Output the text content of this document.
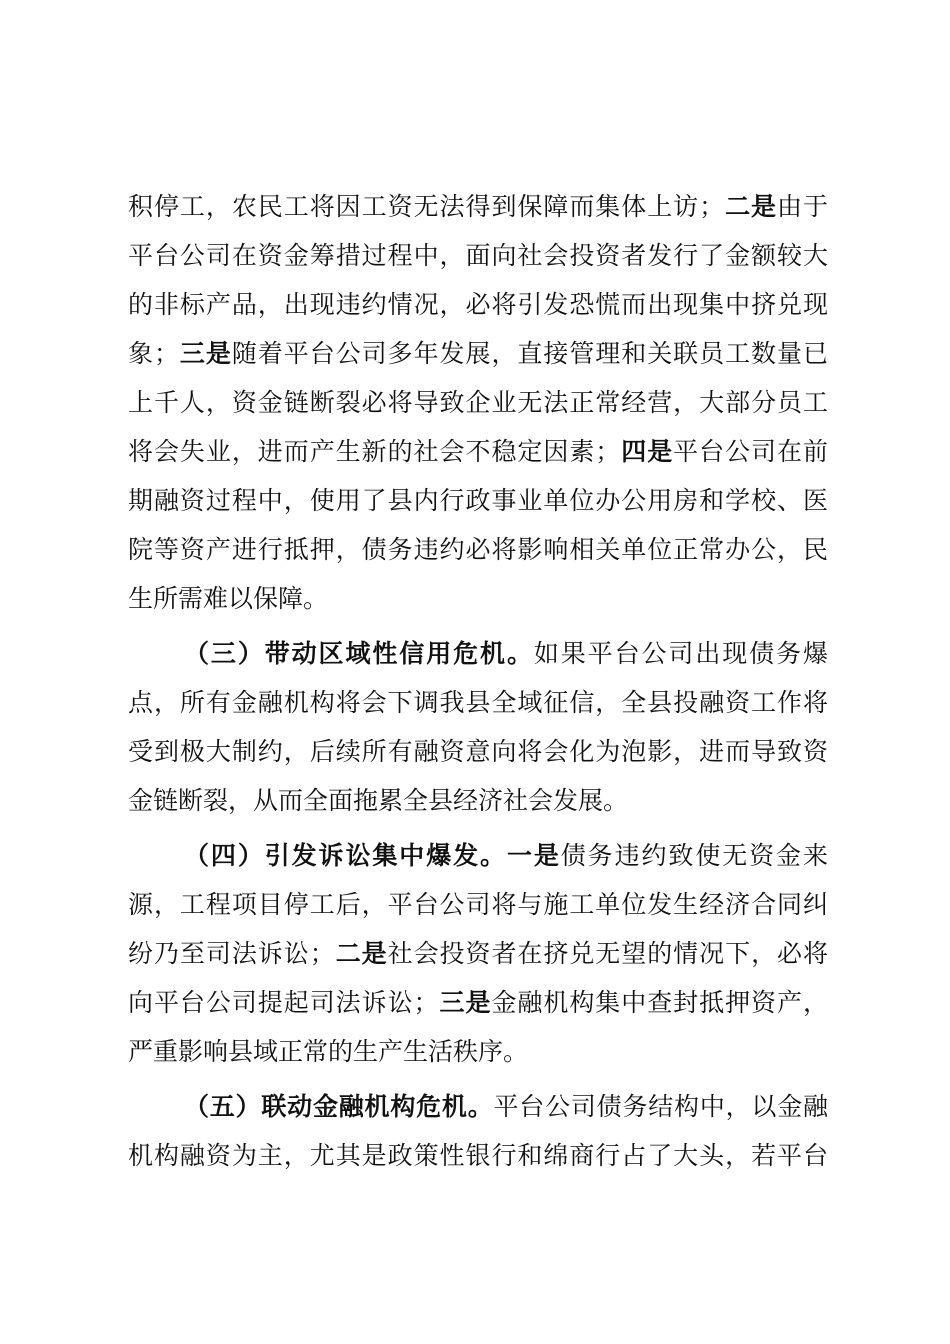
积停工，农民工将因工资无法得到保障而集体上访；二是由于
平台公司在资金筹措过程中，面向社会投资者发行了金额较大
的非标产品，出现违约情况，必将引发恐慌而出现集中挤兑现
象；三是随着平台公司多年发展，直接管理和关联员工数量已
上千人，资金链断裂必将导致企业无法正常经营，大部分员工
将会失业，进而产生新的社会不稳定因素；四是平台公司在前
期融资过程中，使用了县内行政事业单位办公用房和学校、医
院等资产进行抵押，债务违约必将影响相关单位正常办公，民
生所需难以保障。
（三）带动区域性信用危机。如果平台公司出现债务爆
点，所有金融机构将会下调我县全域征信，全县投融资工作将
受到极大制约，后续所有融资意向将会化为泡影，进而导致资
金链断裂，从而全面拖累全县经济社会发展。
（四）引发诉讼集中爆发。一是债务违约致使无资金来
源，工程项目停工后，平台公司将与施工单位发生经济合同纠
纷乃至司法诉讼；二是社会投资者在挤兑无望的情况下，必将
向平台公司提起司法诉讼；三是金融机构集中查封抵押资产，
严重影响县域正常的生产生活秩序。
（五）联动金融机构危机。平台公司债务结构中，以金融
机构融资为主，尤其是政策性银行和绵商行占了大头，若平台
